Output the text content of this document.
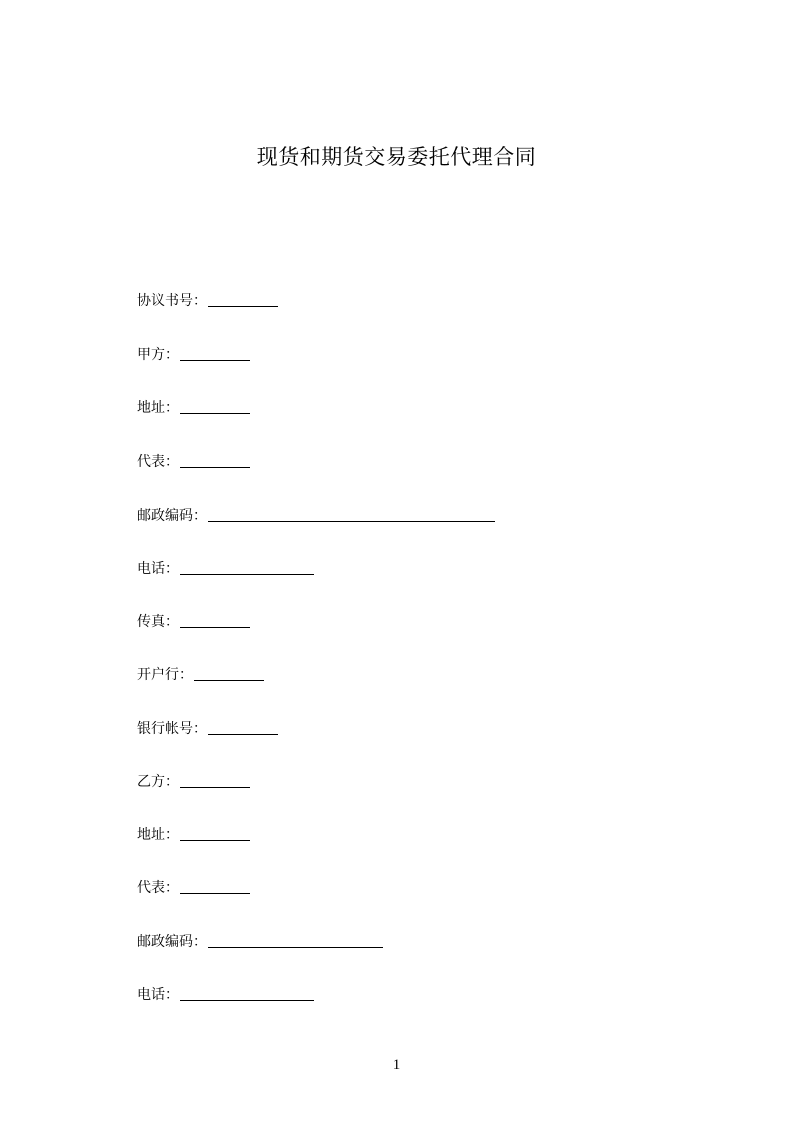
现货和期货交易委托代理合同
协议书号：
甲方：
地址：
代表：
邮政编码：
电话：
传真：
开户行：
银行帐号：
乙方：
地址：
代表：
邮政编码：
电话：
1
